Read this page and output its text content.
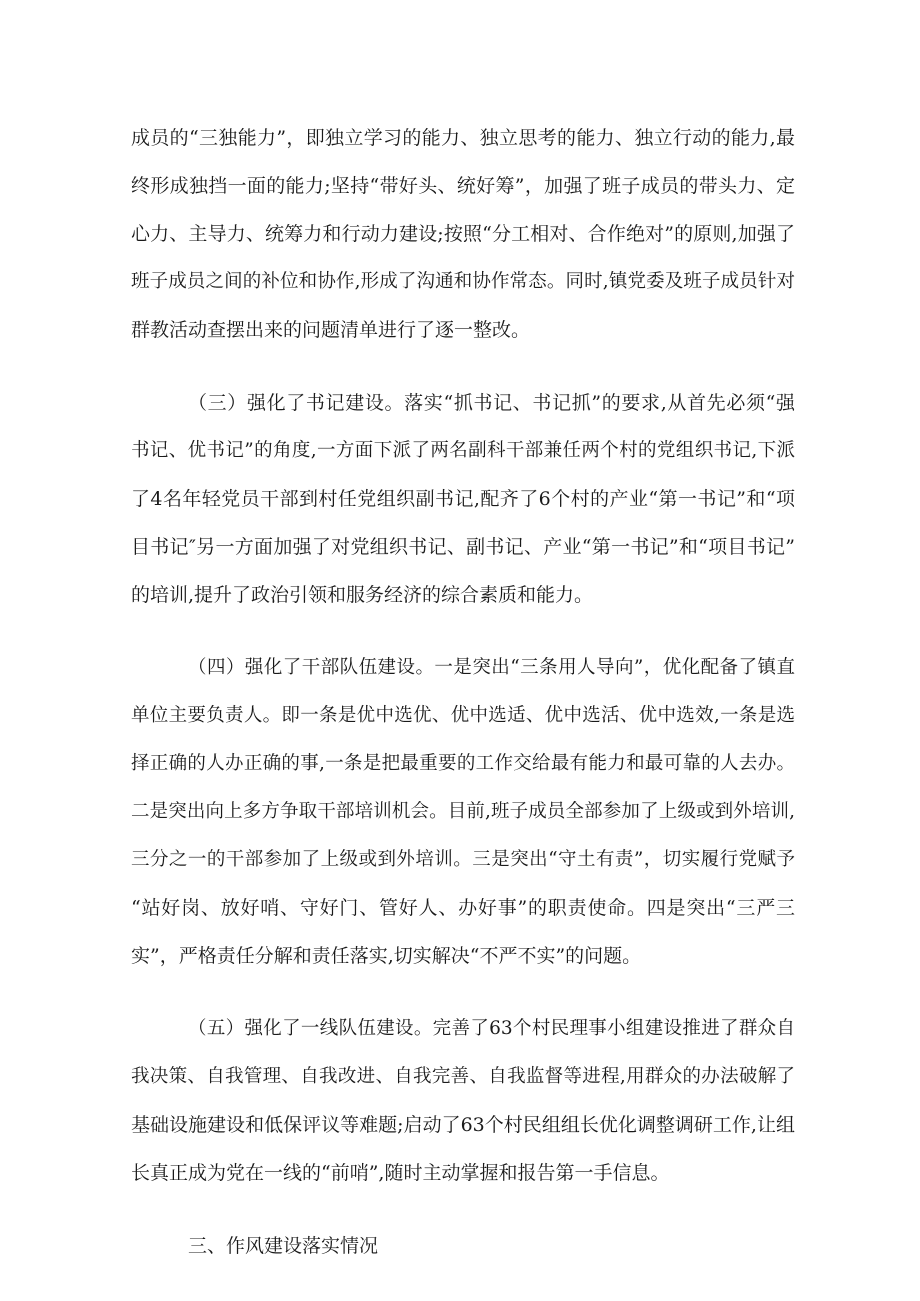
成员的“三独能力”，即独立学习的能力、独立思考的能力、独立行动的能力,最
终形成独挡一面的能力;坚持“带好头、统好筹”，加强了班子成员的带头力、定
心力、主导力、统筹力和行动力建设;按照“分工相对、合作绝对”的原则,加强了
班子成员之间的补位和协作,形成了沟通和协作常态。同时,镇党委及班子成员针对
群教活动查摆出来的问题清单进行了逐一整改。
（三）强化了书记建设。落实“抓书记、书记抓”的要求,从首先必须“强
书记、优书记”的角度,一方面下派了两名副科干部兼任两个村的党组织书记,下派
了4名年轻党员干部到村任党组织副书记,配齐了6个村的产业“第一书记”和“项
目书记″另一方面加强了对党组织书记、副书记、产业“第一书记”和“项目书记”
的培训,提升了政治引领和服务经济的综合素质和能力。
（四）强化了干部队伍建设。一是突出“三条用人导向”，优化配备了镇直
单位主要负责人。即一条是优中选优、优中选适、优中选活、优中选效,一条是选
择正确的人办正确的事,一条是把最重要的工作交给最有能力和最可靠的人去办。
二是突出向上多方争取干部培训机会。目前,班子成员全部参加了上级或到外培训,
三分之一的干部参加了上级或到外培训。三是突出“守土有责”，切实履行党赋予
“站好岗、放好哨、守好门、管好人、办好事”的职责使命。四是突出“三严三
实”，严格责任分解和责任落实,切实解决“不严不实”的问题。
（五）强化了一线队伍建设。完善了63个村民理事小组建设推进了群众自
我决策、自我管理、自我改进、自我完善、自我监督等进程,用群众的办法破解了
基础设施建设和低保评议等难题;启动了63个村民组组长优化调整调研工作,让组
长真正成为党在一线的“前哨”,随时主动掌握和报告第一手信息。
三、作风建设落实情况
